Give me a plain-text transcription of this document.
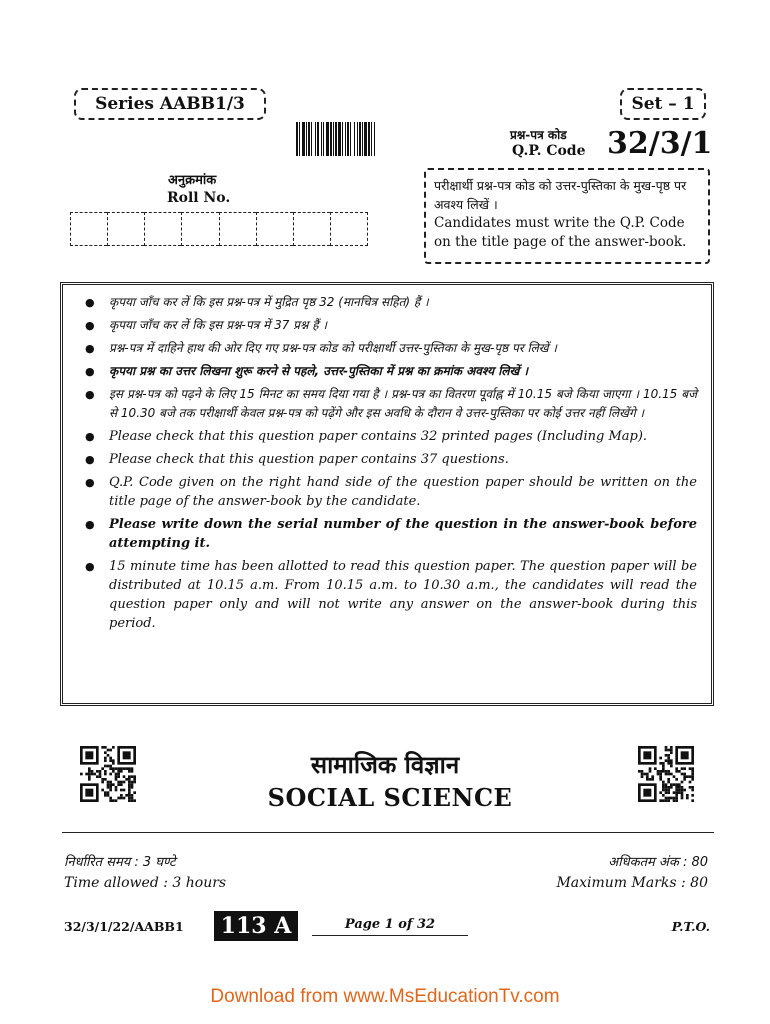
Series AABB1/3	Set – 1
प्रश्न-पत्र कोड
Q.P. Code 32/3/1
अनुक्रमांक
Roll No.
परीक्षार्थी प्रश्न-पत्र कोड को उत्तर-पुस्तिका के मुख-पृष्ठ पर अवश्य लिखें ।
Candidates must write the Q.P. Code on the title page of the answer-book.
● कृपया जाँच कर लें कि इस प्रश्न-पत्र में मुद्रित पृष्ठ 32 (मानचित्र सहित) हैं ।
● कृपया जाँच कर लें कि इस प्रश्न-पत्र में 37 प्रश्न हैं ।
● प्रश्न-पत्र में दाहिने हाथ की ओर दिए गए प्रश्न-पत्र कोड को परीक्षार्थी उत्तर-पुस्तिका के मुख-पृष्ठ पर लिखें ।
● कृपया प्रश्न का उत्तर लिखना शुरू करने से पहले, उत्तर-पुस्तिका में प्रश्न का क्रमांक अवश्य लिखें ।
● इस प्रश्न-पत्र को पढ़ने के लिए 15 मिनट का समय दिया गया है । प्रश्न-पत्र का वितरण पूर्वाह्न में 10.15 बजे किया जाएगा । 10.15 बजे से 10.30 बजे तक परीक्षार्थी केवल प्रश्न-पत्र को पढ़ेंगे और इस अवधि के दौरान वे उत्तर-पुस्तिका पर कोई उत्तर नहीं लिखेंगे ।
● Please check that this question paper contains 32 printed pages (Including Map).
● Please check that this question paper contains 37 questions.
● Q.P. Code given on the right hand side of the question paper should be written on the title page of the answer-book by the candidate.
● Please write down the serial number of the question in the answer-book before attempting it.
● 15 minute time has been allotted to read this question paper. The question paper will be distributed at 10.15 a.m. From 10.15 a.m. to 10.30 a.m., the candidates will read the question paper only and will not write any answer on the answer-book during this period.
सामाजिक विज्ञान
SOCIAL SCIENCE
निर्धारित समय : 3 घण्टे
Time allowed : 3 hours
अधिकतम अंक : 80
Maximum Marks : 80
32/3/1/22/AABB1	113 A	Page 1 of 32	P.T.O.
Download from www.MsEducationTv.com
